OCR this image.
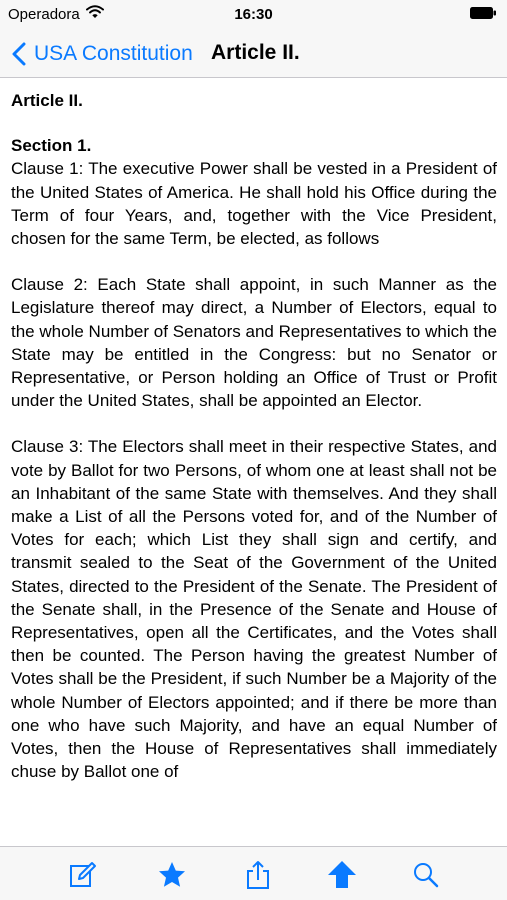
Operadora	16:30
USA Constitution Article II.
Article II.
Section 1.

Clause 1: The executive Power shall be vested in a President of the United States of America. He shall hold his Office during the Term of four Years, and, together with the Vice President, chosen for the same Term, be elected, as follows

Clause 2: Each State shall appoint, in such Manner as the Legislature thereof may direct, a Number of Electors, equal to the whole Number of Senators and Representatives to which the State may be entitled in the Congress: but no Senator or Representative, or Person holding an Office of Trust or Profit under the United States, shall be appointed an Elector.

Clause 3: The Electors shall meet in their respective States, and vote by Ballot for two Persons, of whom one at least shall not be an Inhabitant of the same State with themselves. And they shall make a List of all the Persons voted for, and of the Number of Votes for each; which List they shall sign and certify, and transmit sealed to the Seat of the Government of the United States, directed to the President of the Senate. The President of the Senate shall, in the Presence of the Senate and House of Representatives, open all the Certificates, and the Votes shall then be counted. The Person having the greatest Number of Votes shall be the President, if such Number be a Majority of the whole Number of Electors appointed; and if there be more than one who have such Majority, and have an equal Number of Votes, then the House of Representatives shall immediately chuse by Ballot one of
